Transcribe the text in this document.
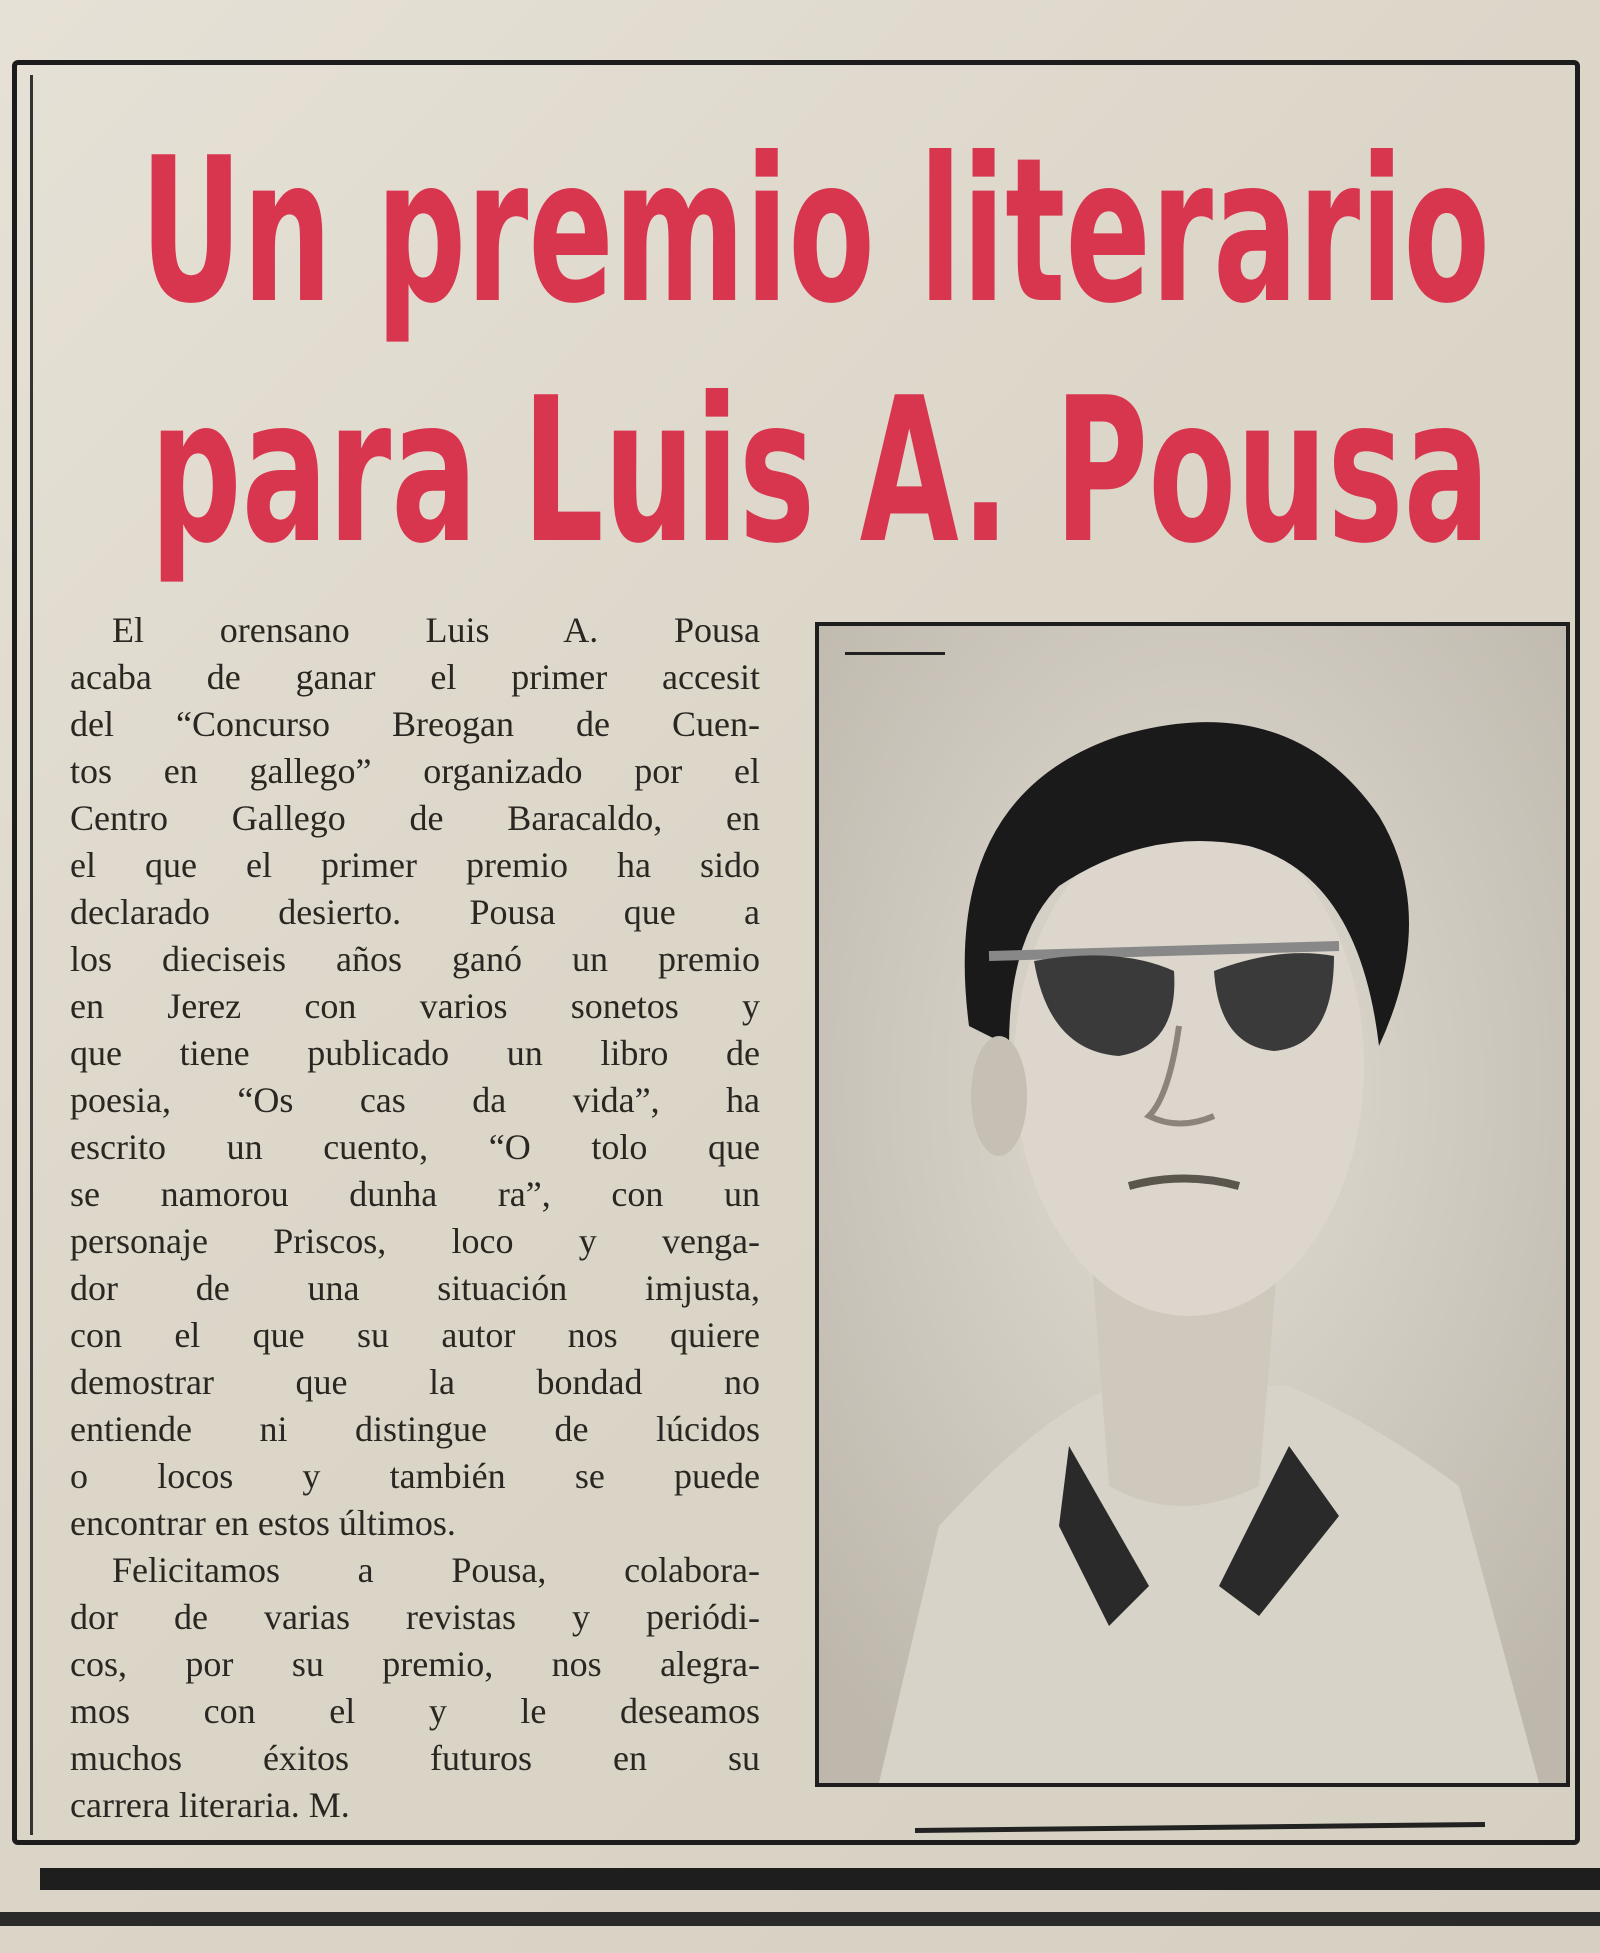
Un premio literario
para Luis A. Pousa
El orensano Luis A. Pousa
acaba de ganar el primer accesit
del “Concurso Breogan de Cuen-
tos en gallego” organizado por el
Centro Gallego de Baracaldo, en
el que el primer premio ha sido
declarado desierto. Pousa que a
los dieciseis años ganó un premio
en Jerez con varios sonetos y
que tiene publicado un libro de
poesia, “Os cas da vida”, ha
escrito un cuento, “O tolo que
se namorou dunha ra”, con un
personaje Priscos, loco y venga-
dor de una situación imjusta,
con el que su autor nos quiere
demostrar que la bondad no
entiende ni distingue de lúcidos
o locos y también se puede
encontrar en estos últimos.
Felicitamos a Pousa, colabora-
dor de varias revistas y periódi-
cos, por su premio, nos alegra-
mos con el y le deseamos
muchos éxitos futuros en su
carrera literaria. M.
